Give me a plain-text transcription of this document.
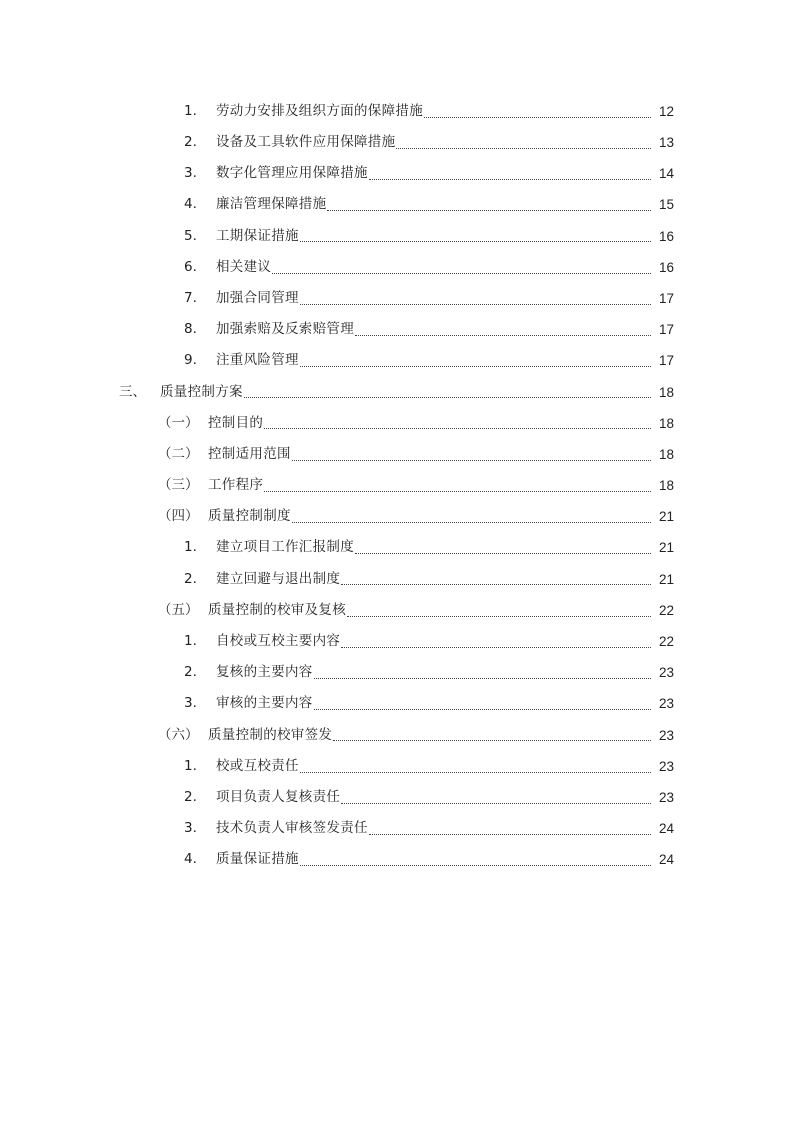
1.	劳动力安排及组织方面的保障措施	12
2.	设备及工具软件应用保障措施	13
3.	数字化管理应用保障措施	14
4.	廉洁管理保障措施	15
5.	工期保证措施	16
6.	相关建议	16
7.	加强合同管理	17
8.	加强索赔及反索赔管理	17
9.	注重风险管理	17
三、	质量控制方案	18
（一） 控制目的	18
（二） 控制适用范围	18
（三） 工作程序	18
（四） 质量控制制度	21
1.	建立项目工作汇报制度	21
2.	建立回避与退出制度	21
（五） 质量控制的校审及复核	22
1.	自校或互校主要内容	22
2.	复核的主要内容	23
3.	审核的主要内容	23
（六） 质量控制的校审签发	23
1.	校或互校责任	23
2.	项目负责人复核责任	23
3.	技术负责人审核签发责任	24
4.	质量保证措施	24
